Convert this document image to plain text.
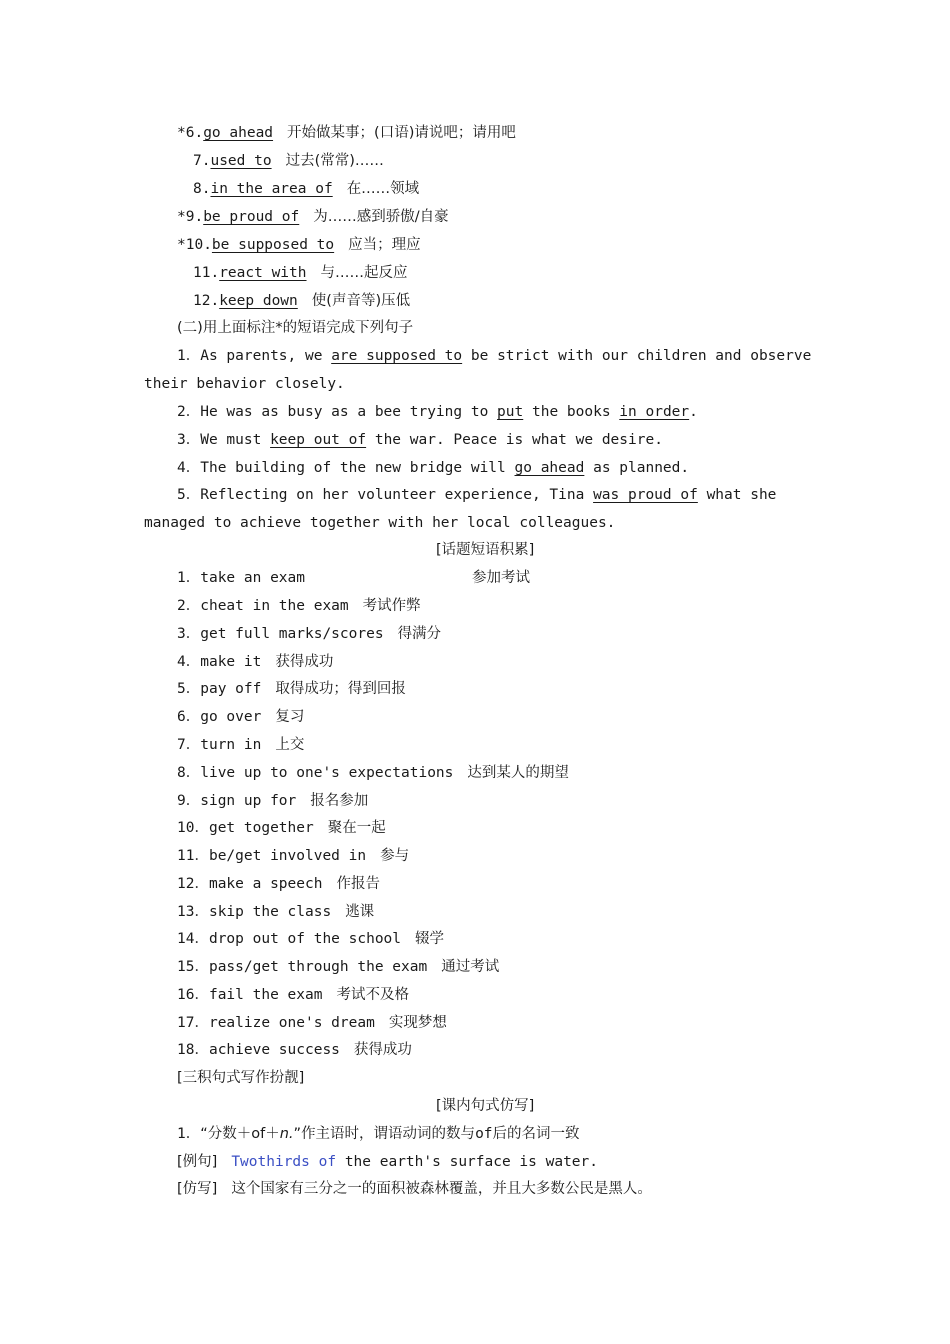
*6.go ahead 开始做某事；(口语)请说吧；请用吧
7.used to 过去(常常)……
8.in the area of 在……领域
*9.be proud of 为……感到骄傲/自豪
*10.be supposed to 应当；理应
11.react with 与……起反应
12.keep down 使(声音等)压低
(二)用上面标注*的短语完成下列句子
1．As parents, we are supposed to be strict with our children and observe
their behavior closely.
2．He was as busy as a bee trying to put the books in order.
3．We must keep out of the war. Peace is what we desire.
4．The building of the new bridge will go ahead as planned.
5．Reflecting on her volunteer experience, Tina was proud of what she
managed to achieve together with her local colleagues.
[话题短语积累]
1．take an exam	参加考试
2．cheat in the exam 考试作弊
3．get full marks/scores 得满分
4．make it 获得成功
5．pay off 取得成功；得到回报
6．go over 复习
7．turn in 上交
8．live up to one's expectations 达到某人的期望
9．sign up for 报名参加
10．get together 聚在一起
11．be/get involved in 参与
12．make a speech 作报告
13．skip the class 逃课
14．drop out of the school 辍学
15．pass/get through the exam 通过考试
16．fail the exam 考试不及格
17．realize one's dream 实现梦想
18．achieve success 获得成功
[三积句式写作扮靓]
[课内句式仿写]
1．“分数＋of＋n.”作主语时，谓语动词的数与of后的名词一致
[例句] Twothirds of the earth's surface is water.
[仿写] 这个国家有三分之一的面积被森林覆盖，并且大多数公民是黑人。
